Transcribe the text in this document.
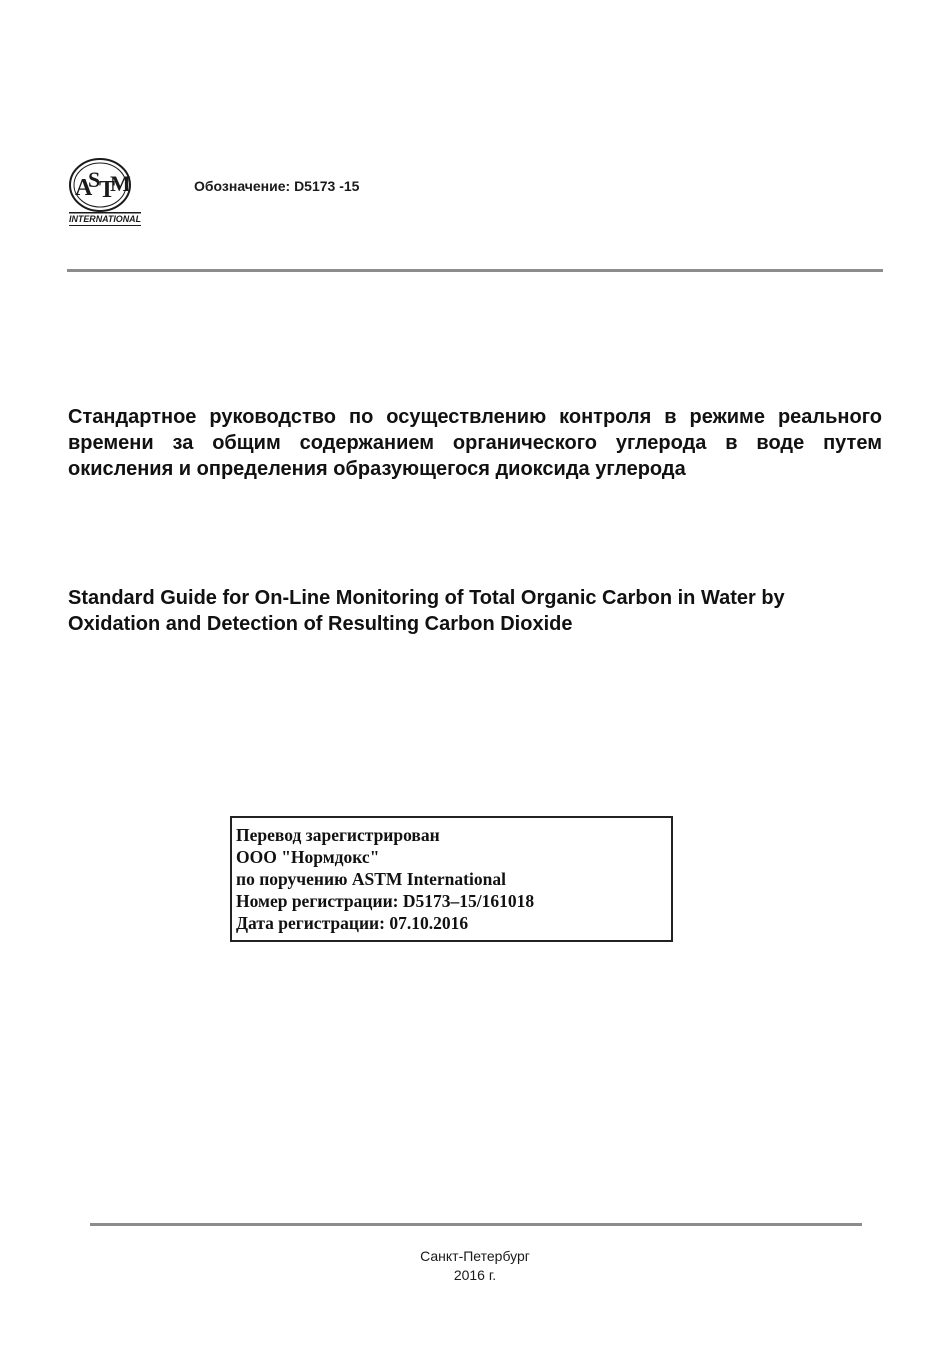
A
S
T
M
INTERNATIONAL
Обозначение: D5173 -15
Стандартное руководство по осуществлению контроля в режиме реального времени за общим содержанием органического углерода в воде путем окисления и определения образующегося диоксида углерода
Standard Guide for On-Line Monitoring of Total Organic Carbon in Water by Oxidation and Detection of Resulting Carbon Dioxide
Перевод зарегистрирован
ООО "Нормдокс"
по поручению ASTM International
Номер регистрации: D5173–15/161018
Дата регистрации: 07.10.2016
Санкт-Петербург
2016 г.
